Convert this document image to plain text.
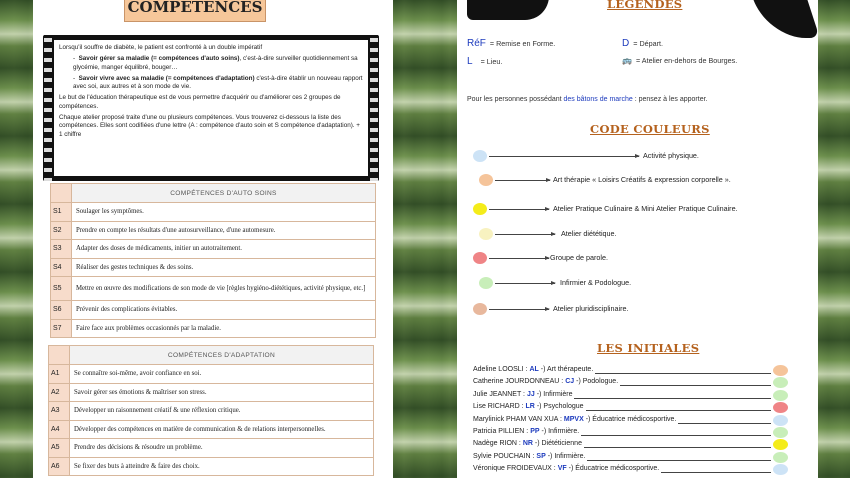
COMPETENCES

Lorsqu'il souffre de diabète, le patient est confronté à un double impératif

-  Savoir gérer sa maladie (= compétences d'auto soins), c'est-à-dire surveiller quotidiennement sa glycémie, manger équilibré, bouger…

-  Savoir vivre avec sa maladie (= compétences d'adaptation) c'est-à-dire établir un nouveau rapport avec soi, aux autres et à son mode de vie.

Le but de l'éducation thérapeutique est de vous permettre d'acquérir ou d'améliorer ces 2 groupes de compétences.

Chaque atelier proposé traite d'une ou plusieurs compétences. Vous trouverez ci-dessous la liste des compétences. Elles sont codifiées d'une lettre (A : compétence d'auto soin et S compétence d'adaptation). + 1 chiffre

	COMPÉTENCES D'AUTO SOINS
S1	Soulager les symptômes.
S2	Prendre en compte les résultats d'une autosurveillance, d'une automesure.
S3	Adapter des doses de médicaments, initier un autotraitement.
S4	Réaliser des gestes techniques & des soins.
S5	Mettre en œuvre des modifications de son mode de vie [règles hygiéno-diététiques, activité physique, etc.]
S6	Prévenir des complications évitables.
S7	Faire face aux problèmes occasionnés par la maladie.
	COMPÉTENCES D'ADAPTATION
A1	Se connaître soi-même, avoir confiance en soi.
A2	Savoir gérer ses émotions & maîtriser son stress.
A3	Développer un raisonnement créatif & une réflexion critique.
A4	Développer des compétences en matière de communication & de relations interpersonnelles.
A5	Prendre des décisions & résoudre un problème.
A6	Se fixer des buts à atteindre & faire des choix.
LEGENDES
RéF = Remise en Forme.	D = Départ.
L = Lieu.	🚌 = Atelier en-dehors de Bourges.
Pour les personnes possédant des bâtons de marche : pensez à les apporter.
CODE COULEURS
Activité physique.
Art thérapie « Loisirs Créatifs & expression corporelle ».
Atelier Pratique Culinaire & Mini Atelier Pratique Culinaire.
Atelier diététique.
Groupe de parole.
Infirmier & Podologue.
Atelier pluridisciplinaire.
LES INITIALES
Adeline LOOSLI : AL -) Art thérapeute.
Catherine JOURDONNEAU : CJ -) Podologue.
Julie JEANNET : JJ -) Infirmière
Lise RICHARD : LR -) Psychologue
Marylinick PHAM VAN XUA : MPVX -) Éducatrice médicosportive.
Patricia PILLIEN : PP -) Infirmière.
Nadège RION : NR -) Diététicienne
Sylvie POUCHAIN : SP -) Infirmière.
Véronique FROIDEVAUX : VF -) Éducatrice médicosportive.
